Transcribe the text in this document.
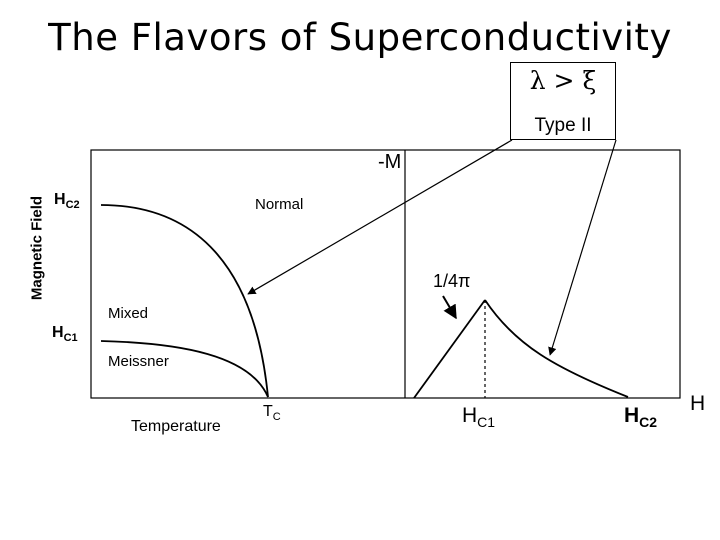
The Flavors of Superconductivity
λ > ξ
Type II
Magnetic Field $H_{C2}$
$H_{C1}$
Normal
Mixed
Meissner
Temperature
$T_C$
-M
1/4π
$H_{C1}$	$H_{C2}$
H
